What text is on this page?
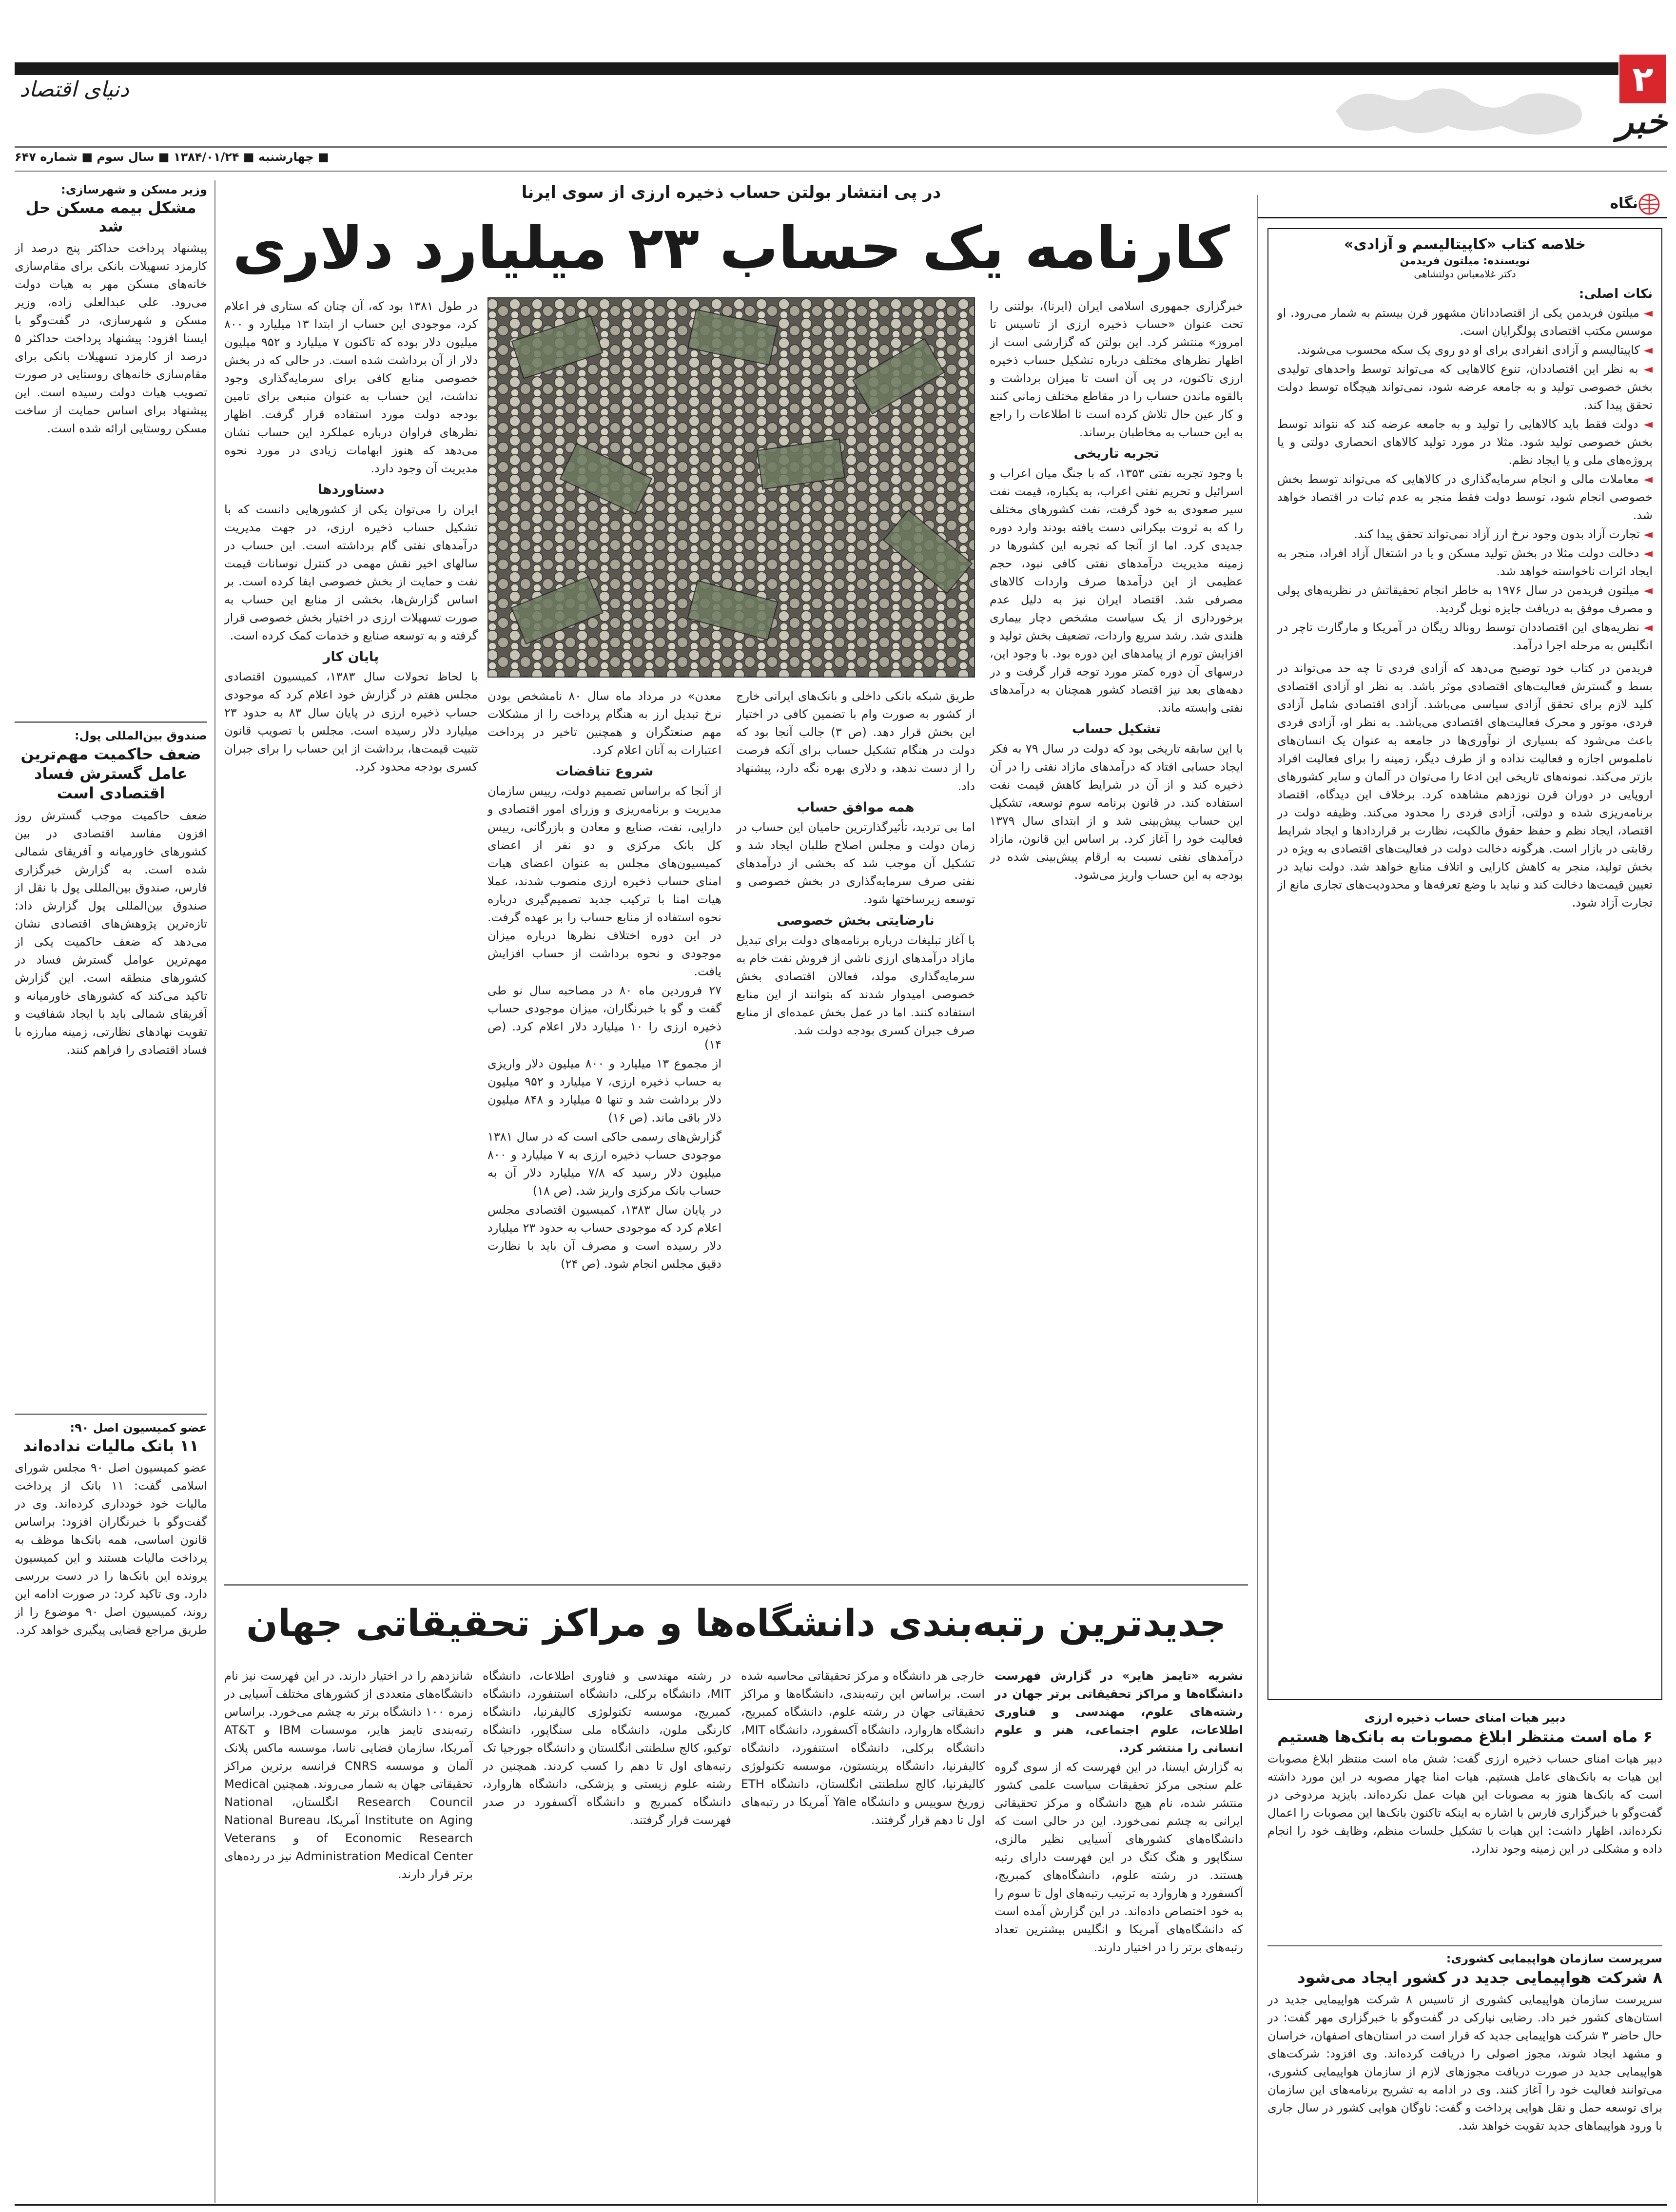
۲
دنیای اقتصاد
خبر
■ چهارشنبه ■ ۱۳۸۴/۰۱/۲۴ ■ سال سوم ■ شماره ۶۴۷
نگاه
خلاصه کتاب «کاپیتالیسم و آزادی»
نویسنده: میلتون فریدمن
دکتر غلامعباس دولتشاهی
نکات اصلی:

◄ میلتون فریدمن یکی از اقتصاددانان مشهور قرن بیستم به شمار می‌رود. او موسس مکتب اقتصادی پولگرایان است.

◄ کاپیتالیسم و آزادی انفرادی برای او دو روی یک سکه محسوب می‌شوند.

◄ به نظر این اقتصاددان، تنوع کالاهایی که می‌تواند توسط واحدهای تولیدی بخش خصوصی تولید و به جامعه عرضه شود، نمی‌تواند هیچگاه توسط دولت تحقق پیدا کند.

◄ دولت فقط باید کالاهایی را تولید و به جامعه عرضه کند که نتواند توسط بخش خصوصی تولید شود. مثلا در مورد تولید کالاهای انحصاری دولتی و یا پروژه‌های ملی و یا ایجاد نظم.

◄ معاملات مالی و انجام سرمایه‌گذاری در کالاهایی که می‌تواند توسط بخش خصوصی انجام شود، توسط دولت فقط منجر به عدم ثبات در اقتصاد خواهد شد.

◄ تجارت آزاد بدون وجود نرخ ارز آزاد نمی‌تواند تحقق پیدا کند.

◄ دخالت دولت مثلا در بخش تولید مسکن و یا در اشتغال آزاد افراد، منجر به ایجاد اثرات ناخواسته خواهد شد.

◄ میلتون فریدمن در سال ۱۹۷۶ به خاطر انجام تحقیقاتش در نظریه‌های پولی و مصرف موفق به دریافت جایزه نوبل گردید.

◄ نظریه‌های این اقتصاددان توسط رونالد ریگان در آمریکا و مارگارت تاچر در انگلیس به مرحله اجرا درآمد.

فریدمن در کتاب خود توضیح می‌دهد که آزادی فردی تا چه حد می‌تواند در بسط و گسترش فعالیت‌های اقتصادی موثر باشد. به نظر او آزادی اقتصادی کلید لازم برای تحقق آزادی سیاسی می‌باشد. آزادی اقتصادی شامل آزادی فردی، موتور و محرک فعالیت‌های اقتصادی می‌باشد. به نظر او، آزادی فردی باعث می‌شود که بسیاری از نوآوری‌ها در جامعه به عنوان یک انسان‌های ناملموس اجازه و فعالیت نداده و از طرف دیگر، زمینه را برای فعالیت افراد بازتر می‌کند. نمونه‌های تاریخی این ادعا را می‌توان در آلمان و سایر کشورهای اروپایی در دوران قرن نوزدهم مشاهده کرد. برخلاف این دیدگاه، اقتصاد برنامه‌ریزی شده و دولتی، آزادی فردی را محدود می‌کند. وظیفه دولت در اقتصاد، ایجاد نظم و حفظ حقوق مالکیت، نظارت بر قراردادها و ایجاد شرایط رقابتی در بازار است. هرگونه دخالت دولت در فعالیت‌های اقتصادی به ویژه در بخش تولید، منجر به کاهش کارایی و اتلاف منابع خواهد شد. دولت نباید در تعیین قیمت‌ها دخالت کند و نباید با وضع تعرفه‌ها و محدودیت‌های تجاری مانع از تجارت آزاد شود.
دبیر هیات امنای حساب ذخیره ارزی
۶ ماه است منتظر ابلاغ مصوبات به بانک‌ها هستیم
دبیر هیات امنای حساب ذخیره ارزی گفت: شش ماه است منتظر ابلاغ مصوبات این هیات به بانک‌های عامل هستیم. هیات امنا چهار مصوبه در این مورد داشته است که بانک‌ها هنوز به مصوبات این هیات عمل نکرده‌اند. بایزید مردوخی در گفت‌وگو با خبرگزاری فارس با اشاره به اینکه تاکنون بانک‌ها این مصوبات را اعمال نکرده‌اند، اظهار داشت: این هیات با تشکیل جلسات منظم، وظایف خود را انجام داده و مشکلی در این زمینه وجود ندارد.
سرپرست سازمان هواپیمایی کشوری:
۸ شرکت هواپیمایی جدید در کشور ایجاد می‌شود
سرپرست سازمان هواپیمایی کشوری از تاسیس ۸ شرکت هواپیمایی جدید در استان‌های کشور خبر داد. رضایی نیارکی در گفت‌وگو با خبرگزاری مهر گفت: در حال حاضر ۳ شرکت هواپیمایی جدید که قرار است در استان‌های اصفهان، خراسان و مشهد ایجاد شوند، مجوز اصولی را دریافت کرده‌اند. وی افزود: شرکت‌های هواپیمایی جدید در صورت دریافت مجوزهای لازم از سازمان هواپیمایی کشوری، می‌توانند فعالیت خود را آغاز کنند. وی در ادامه به تشریح برنامه‌های این سازمان برای توسعه حمل و نقل هوایی پرداخت و گفت: ناوگان هوایی کشور در سال جاری با ورود هواپیماهای جدید تقویت خواهد شد.
در پی انتشار بولتن حساب ذخیره ارزی از سوی ایرنا
کارنامه یک حساب ۲۳ میلیارد دلاری

خبرگزاری جمهوری اسلامی ایران (ایرنا)، بولتنی را تحت عنوان «حساب ذخیره ارزی از تاسیس تا امروز» منتشر کرد. این بولتن که گزارشی است از اظهار نظرهای مختلف درباره تشکیل حساب ذخیره ارزی تاکنون، در پی آن است تا میزان برداشت و بالقوه ماندن حساب را در مقاطع مختلف زمانی کنند و کار عین حال تلاش کرده است تا اطلاعات را راجع به این حساب به مخاطبان برساند.

تجربه تاریخی

با وجود تجربه نفتی ۱۳۵۳، که با جنگ میان اعراب و اسرائیل و تحریم نفتی اعراب، به یکباره، قیمت نفت سیر صعودی به خود گرفت، نفت کشورهای مختلف را که به ثروت بیکرانی دست یافته بودند وارد دوره جدیدی کرد. اما از آنجا که تجربه این کشورها در زمینه مدیریت درآمدهای نفتی کافی نبود، حجم عظیمی از این درآمدها صرف واردات کالاهای مصرفی شد. اقتصاد ایران نیز به دلیل عدم برخورداری از یک سیاست مشخص دچار بیماری هلندی شد. رشد سریع واردات، تضعیف بخش تولید و افزایش تورم از پیامدهای این دوره بود. با وجود این، درسهای آن دوره کمتر مورد توجه قرار گرفت و در دهه‌های بعد نیز اقتصاد کشور همچنان به درآمدهای نفتی وابسته ماند.

تشکیل حساب

با این سابقه تاریخی بود که دولت در سال ۷۹ به فکر ایجاد حسابی افتاد که درآمدهای مازاد نفتی را در آن ذخیره کند و از آن در شرایط کاهش قیمت نفت استفاده کند. در قانون برنامه سوم توسعه، تشکیل این حساب پیش‌بینی شد و از ابتدای سال ۱۳۷۹ فعالیت خود را آغاز کرد. بر اساس این قانون، مازاد درآمدهای نفتی نسبت به ارقام پیش‌بینی شده در بودجه به این حساب واریز می‌شود.

در طول ۱۳۸۱ بود که، آن چنان که ستاری فر اعلام کرد، موجودی این حساب از ابتدا ۱۳ میلیارد و ۸۰۰ میلیون دلار بوده که تاکنون ۷ میلیارد و ۹۵۲ میلیون دلار از آن برداشت شده است. در حالی که در بخش خصوصی منابع کافی برای سرمایه‌گذاری وجود نداشت، این حساب به عنوان منبعی برای تامین بودجه دولت مورد استفاده قرار گرفت. اظهار نظرهای فراوان درباره عملکرد این حساب نشان می‌دهد که هنوز ابهامات زیادی در مورد نحوه مدیریت آن وجود دارد.

دستاوردها

ایران را می‌توان یکی از کشورهایی دانست که با تشکیل حساب ذخیره ارزی، در جهت مدیریت درآمدهای نفتی گام برداشته است. این حساب در سالهای اخیر نقش مهمی در کنترل نوسانات قیمت نفت و حمایت از بخش خصوصی ایفا کرده است. بر اساس گزارش‌ها، بخشی از منابع این حساب به صورت تسهیلات ارزی در اختیار بخش خصوصی قرار گرفته و به توسعه صنایع و خدمات کمک کرده است.

پایان کار

با لحاظ تحولات سال ۱۳۸۳، کمیسیون اقتصادی مجلس هفتم در گزارش خود اعلام کرد که موجودی حساب ذخیره ارزی در پایان سال ۸۳ به حدود ۲۳ میلیارد دلار رسیده است. مجلس با تصویب قانون تثبیت قیمت‌ها، برداشت از این حساب را برای جبران کسری بودجه محدود کرد.

معدن» در مرداد ماه سال ۸۰ نامشخص بودن نرخ تبدیل ارز به هنگام پرداخت را از مشکلات مهم صنعتگران و همچنین تاخیر در پرداخت اعتبارات به آنان اعلام کرد.

شروع تناقضات

از آنجا که براساس تصمیم دولت، رییس سازمان مدیریت و برنامه‌ریزی و وزرای امور اقتصادی و دارایی، نفت، صنایع و معادن و بازرگانی، رییس کل بانک مرکزی و دو نفر از اعضای کمیسیون‌های مجلس به عنوان اعضای هیات امنای حساب ذخیره ارزی منصوب شدند، عملا هیات امنا با ترکیب جدید تصمیم‌گیری درباره نحوه استفاده از منابع حساب را بر عهده گرفت. در این دوره اختلاف نظرها درباره میزان موجودی و نحوه برداشت از حساب افزایش یافت.

۲۷ فروردین ماه ۸۰ در مصاحبه سال نو طی گفت و گو با خبرنگاران، میزان موجودی حساب ذخیره ارزی را ۱۰ میلیارد دلار اعلام کرد. (ص ۱۴)

از مجموع ۱۳ میلیارد و ۸۰۰ میلیون دلار واریزی به حساب ذخیره ارزی، ۷ میلیارد و ۹۵۲ میلیون دلار برداشت شد و تنها ۵ میلیارد و ۸۴۸ میلیون دلار باقی ماند. (ص ۱۶)

گزارش‌های رسمی حاکی است که در سال ۱۳۸۱ موجودی حساب ذخیره ارزی به ۷ میلیارد و ۸۰۰ میلیون دلار رسید که ۷/۸ میلیارد دلار آن به حساب بانک مرکزی واریز شد. (ص ۱۸)

در پایان سال ۱۳۸۳، کمیسیون اقتصادی مجلس اعلام کرد که موجودی حساب به حدود ۲۳ میلیارد دلار رسیده است و مصرف آن باید با نظارت دقیق مجلس انجام شود. (ص ۲۴)

طریق شبکه بانکی داخلی و بانک‌های ایرانی خارج از کشور به صورت وام با تضمین کافی در اختیار این بخش قرار دهد. (ص ۳) جالب آنجا بود که دولت در هنگام تشکیل حساب برای آنکه فرصت را از دست ندهد، و دلاری بهره نگه دارد، پیشنهاد داد.

همه موافق حساب

اما بی تردید، تأثیرگذارترین حامیان این حساب در زمان دولت و مجلس اصلاح طلبان ایجاد شد و تشکیل آن موجب شد که بخشی از درآمدهای نفتی صرف سرمایه‌گذاری در بخش خصوصی و توسعه زیرساختها شود.

نارضایتی بخش خصوصی

با آغاز تبلیغات درباره برنامه‌های دولت برای تبدیل مازاد درآمدهای ارزی ناشی از فروش نفت خام به سرمایه‌گذاری مولد، فعالان اقتصادی بخش خصوصی امیدوار شدند که بتوانند از این منابع استفاده کنند. اما در عمل بخش عمده‌ای از منابع صرف جبران کسری بودجه دولت شد.

جدیدترین رتبه‌بندی دانشگاه‌ها و مراکز تحقیقاتی جهان

نشریه «تایمز هایر» در گزارش فهرست دانشگاه‌ها و مراکز تحقیقاتی برتر جهان در رشته‌های علوم، مهندسی و فناوری اطلاعات، علوم اجتماعی، هنر و علوم انسانی را منتشر کرد.

به گزارش ایسنا، در این فهرست که از سوی گروه علم سنجی مرکز تحقیقات سیاست علمی کشور منتشر شده، نام هیچ دانشگاه و مرکز تحقیقاتی ایرانی به چشم نمی‌خورد. این در حالی است که دانشگاه‌های کشورهای آسیایی نظیر مالزی، سنگاپور و هنگ کنگ در این فهرست دارای رتبه هستند. در رشته علوم، دانشگاه‌های کمبریج، آکسفورد و هاروارد به ترتیب رتبه‌های اول تا سوم را به خود اختصاص داده‌اند. در این گزارش آمده است که دانشگاه‌های آمریکا و انگلیس بیشترین تعداد رتبه‌های برتر را در اختیار دارند.

خارجی هر دانشگاه و مرکز تحقیقاتی محاسبه شده است. براساس این رتبه‌بندی، دانشگاه‌ها و مراکز تحقیقاتی جهان در رشته علوم، دانشگاه کمبریج، دانشگاه هاروارد، دانشگاه آکسفورد، دانشگاه MIT، دانشگاه برکلی، دانشگاه استنفورد، دانشگاه کالیفرنیا، دانشگاه پرینستون، موسسه تکنولوژی کالیفرنیا، کالج سلطنتی انگلستان، دانشگاه ETH زوریخ سوییس و دانشگاه Yale آمریکا در رتبه‌های اول تا دهم قرار گرفتند.
در رشته مهندسی و فناوری اطلاعات، دانشگاه MIT، دانشگاه برکلی، دانشگاه استنفورد، دانشگاه کمبریج، موسسه تکنولوژی کالیفرنیا، دانشگاه کارنگی ملون، دانشگاه ملی سنگاپور، دانشگاه توکیو، کالج سلطنتی انگلستان و دانشگاه جورجیا تک رتبه‌های اول تا دهم را کسب کردند. همچنین در رشته علوم زیستی و پزشکی، دانشگاه هاروارد، دانشگاه کمبریج و دانشگاه آکسفورد در صدر فهرست قرار گرفتند.
شانزدهم را در اختیار دارند. در این فهرست نیز نام دانشگاه‌های متعددی از کشورهای مختلف آسیایی در زمره ۱۰۰ دانشگاه برتر به چشم می‌خورد. براساس رتبه‌بندی تایمز هایر، موسسات IBM و AT&T آمریکا، سازمان فضایی ناسا، موسسه ماکس پلانک آلمان و موسسه CNRS فرانسه برترین مراکز تحقیقاتی جهان به شمار می‌روند. همچنین Medical Research Council انگلستان، National Institute on Aging آمریکا، National Bureau of Economic Research و Veterans Administration Medical Center نیز در رده‌های برتر قرار دارند.
وزیر مسکن و شهرسازی:
مشکل بیمه مسکن حل شد
پیشنهاد پرداخت حداکثر پنج درصد از کارمزد تسهیلات بانکی برای مقام‌سازی خانه‌های مسکن مهر به هیات دولت می‌رود. علی عبدالعلی زاده، وزیر مسکن و شهرسازی، در گفت‌وگو با ایسنا افزود: پیشنهاد پرداخت حداکثر ۵ درصد از کارمزد تسهیلات بانکی برای مقام‌سازی خانه‌های روستایی در صورت تصویب هیات دولت رسیده است. این پیشنهاد برای اساس حمایت از ساخت مسکن روستایی ارائه شده است.
صندوق بین‌المللی پول:
ضعف حاکمیت مهم‌ترین عامل گسترش فساد اقتصادی است
ضعف حاکمیت موجب گسترش روز افزون مفاسد اقتصادی در بین کشورهای خاورمیانه و آفریقای شمالی شده است. به گزارش خبرگزاری فارس، صندوق بین‌المللی پول با نقل از صندوق بین‌المللی پول گزارش داد: تازه‌ترین پژوهش‌های اقتصادی نشان می‌دهد که ضعف حاکمیت یکی از مهم‌ترین عوامل گسترش فساد در کشورهای منطقه است. این گزارش تاکید می‌کند که کشورهای خاورمیانه و آفریقای شمالی باید با ایجاد شفافیت و تقویت نهادهای نظارتی، زمینه مبارزه با فساد اقتصادی را فراهم کنند.
عضو کمیسیون اصل ۹۰:
۱۱ بانک مالیات نداده‌اند
عضو کمیسیون اصل ۹۰ مجلس شورای اسلامی گفت: ۱۱ بانک از پرداخت مالیات خود خودداری کرده‌اند. وی در گفت‌وگو با خبرنگاران افزود: براساس قانون اساسی، همه بانک‌ها موظف به پرداخت مالیات هستند و این کمیسیون پرونده این بانک‌ها را در دست بررسی دارد. وی تاکید کرد: در صورت ادامه این روند، کمیسیون اصل ۹۰ موضوع را از طریق مراجع قضایی پیگیری خواهد کرد.
